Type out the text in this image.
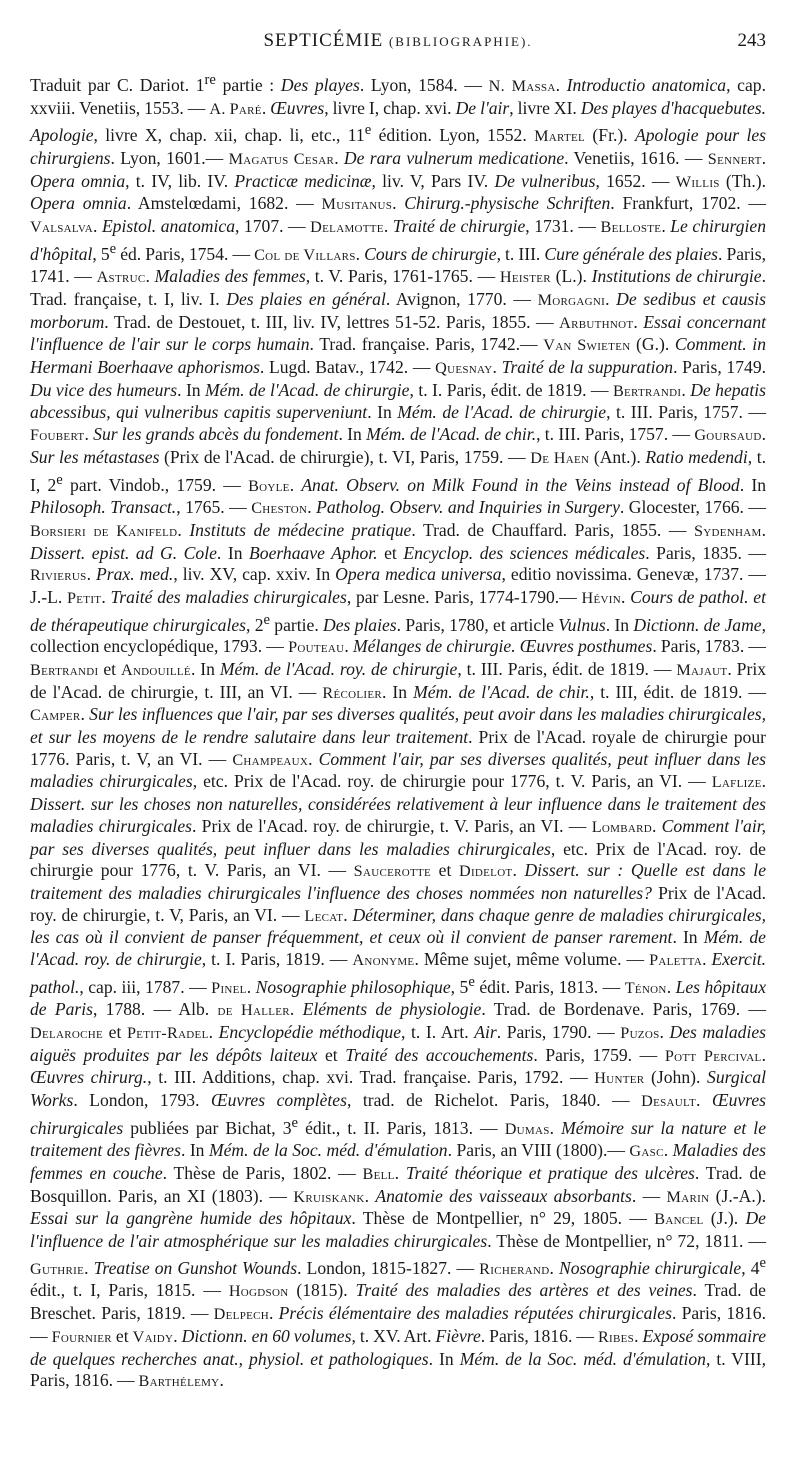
SEPTICÉMIE (BIBLIOGRAPHIE).	243

Traduit par C. Dariot. 1re partie : Des playes. Lyon, 1584. — N. Massa. Introductio anatomica, cap. xxviii. Venetiis, 1553. — A. Paré. Œuvres, livre I, chap. xvi. De l'air, livre XI. Des playes d'hacquebutes. Apologie, livre X, chap. xii, chap. li, etc., 11e édition. Lyon, 1552. Martel (Fr.). Apologie pour les chirurgiens. Lyon, 1601.— Magatus Cesar. De rara vulnerum medicatione. Venetiis, 1616. — Sennert. Opera omnia, t. IV, lib. IV. Practicæ medicinæ, liv. V, Pars IV. De vulneribus, 1652. — Willis (Th.). Opera omnia. Amstelœdami, 1682. — Musitanus. Chirurg.-physische Schriften. Frankfurt, 1702. — Valsalva. Epistol. anatomica, 1707. — Delamotte. Traité de chirurgie, 1731. — Belloste. Le chirurgien d'hôpital, 5e éd. Paris, 1754. — Col de Villars. Cours de chirurgie, t. III. Cure générale des plaies. Paris, 1741. — Astruc. Maladies des femmes, t. V. Paris, 1761-1765. — Heister (L.). Institutions de chirurgie. Trad. française, t. I, liv. I. Des plaies en général. Avignon, 1770. — Morgagni. De sedibus et causis morborum. Trad. de Destouet, t. III, liv. IV, lettres 51-52. Paris, 1855. — Arbuthnot. Essai concernant l'influence de l'air sur le corps humain. Trad. française. Paris, 1742.— Van Swieten (G.). Comment. in Hermani Boerhaave aphorismos. Lugd. Batav., 1742. — Quesnay. Traité de la suppuration. Paris, 1749. Du vice des humeurs. In Mém. de l'Acad. de chirurgie, t. I. Paris, édit. de 1819. — Bertrandi. De hepatis abcessibus, qui vulneribus capitis superveniunt. In Mém. de l'Acad. de chirurgie, t. III. Paris, 1757. — Foubert. Sur les grands abcès du fondement. In Mém. de l'Acad. de chir., t. III. Paris, 1757. — Goursaud. Sur les métastases (Prix de l'Acad. de chirurgie), t. VI, Paris, 1759. — De Haen (Ant.). Ratio medendi, t. I, 2e part. Vindob., 1759. — Boyle. Anat. Observ. on Milk Found in the Veins instead of Blood. In Philosoph. Transact., 1765. — Cheston. Patholog. Observ. and Inquiries in Surgery. Glocester, 1766. — Borsieri de Kanifeld. Instituts de médecine pratique. Trad. de Chauffard. Paris, 1855. — Sydenham. Dissert. epist. ad G. Cole. In Boerhaave Aphor. et Encyclop. des sciences médicales. Paris, 1835. — Rivierus. Prax. med., liv. XV, cap. xxiv. In Opera medica universa, editio novissima. Genevæ, 1737. — J.-L. Petit. Traité des maladies chirurgicales, par Lesne. Paris, 1774-1790.— Hévin. Cours de pathol. et de thérapeutique chirurgicales, 2e partie. Des plaies. Paris, 1780, et article Vulnus. In Dictionn. de Jame, collection encyclopédique, 1793. — Pouteau. Mélanges de chirurgie. Œuvres posthumes. Paris, 1783. — Bertrandi et Andouillé. In Mém. de l'Acad. roy. de chirurgie, t. III. Paris, édit. de 1819. — Majaut. Prix de l'Acad. de chirurgie, t. III, an VI. — Récolier. In Mém. de l'Acad. de chir., t. III, édit. de 1819. — Camper. Sur les influences que l'air, par ses diverses qualités, peut avoir dans les maladies chirurgicales, et sur les moyens de le rendre salutaire dans leur traitement. Prix de l'Acad. royale de chirurgie pour 1776. Paris, t. V, an VI. — Champeaux. Comment l'air, par ses diverses qualités, peut influer dans les maladies chirurgicales, etc. Prix de l'Acad. roy. de chirurgie pour 1776, t. V. Paris, an VI. — Laflize. Dissert. sur les choses non naturelles, considérées relativement à leur influence dans le traitement des maladies chirurgicales. Prix de l'Acad. roy. de chirurgie, t. V. Paris, an VI. — Lombard. Comment l'air, par ses diverses qualités, peut influer dans les maladies chirurgicales, etc. Prix de l'Acad. roy. de chirurgie pour 1776, t. V. Paris, an VI. — Saucerotte et Didelot. Dissert. sur : Quelle est dans le traitement des maladies chirurgicales l'influence des choses nommées non naturelles? Prix de l'Acad. roy. de chirurgie, t. V, Paris, an VI. — Lecat. Déterminer, dans chaque genre de maladies chirurgicales, les cas où il convient de panser fréquemment, et ceux où il convient de panser rarement. In Mém. de l'Acad. roy. de chirurgie, t. I. Paris, 1819. — Anonyme. Même sujet, même volume. — Paletta. Exercit. pathol., cap. iii, 1787. — Pinel. Nosographie philosophique, 5e édit. Paris, 1813. — Ténon. Les hôpitaux de Paris, 1788. — Alb. de Haller. Eléments de physiologie. Trad. de Bordenave. Paris, 1769. — Delaroche et Petit-Radel. Encyclopédie méthodique, t. I. Art. Air. Paris, 1790. — Puzos. Des maladies aiguës produites par les dépôts laiteux et Traité des accouchements. Paris, 1759. — Pott Percival. Œuvres chirurg., t. III. Additions, chap. xvi. Trad. française. Paris, 1792. — Hunter (John). Surgical Works. London, 1793. Œuvres complètes, trad. de Richelot. Paris, 1840. — Desault. Œuvres chirurgicales publiées par Bichat, 3e édit., t. II. Paris, 1813. — Dumas. Mémoire sur la nature et le traitement des fièvres. In Mém. de la Soc. méd. d'émulation. Paris, an VIII (1800).— Gasc. Maladies des femmes en couche. Thèse de Paris, 1802. — Bell. Traité théorique et pratique des ulcères. Trad. de Bosquillon. Paris, an XI (1803). — Kruiskank. Anatomie des vaisseaux absorbants. — Marin (J.-A.). Essai sur la gangrène humide des hôpitaux. Thèse de Montpellier, n° 29, 1805. — Bancel (J.). De l'influence de l'air atmosphérique sur les maladies chirurgicales. Thèse de Montpellier, n° 72, 1811. — Guthrie. Treatise on Gunshot Wounds. London, 1815-1827. — Richerand. Nosographie chirurgicale, 4e édit., t. I, Paris, 1815. — Hogdson (1815). Traité des maladies des artères et des veines. Trad. de Breschet. Paris, 1819. — Delpech. Précis élémentaire des maladies réputées chirurgicales. Paris, 1816. — Fournier et Vaidy. Dictionn. en 60 volumes, t. XV. Art. Fièvre. Paris, 1816. — Ribes. Exposé sommaire de quelques recherches anat., physiol. et pathologiques. In Mém. de la Soc. méd. d'émulation, t. VIII, Paris, 1816. — Barthélemy.
